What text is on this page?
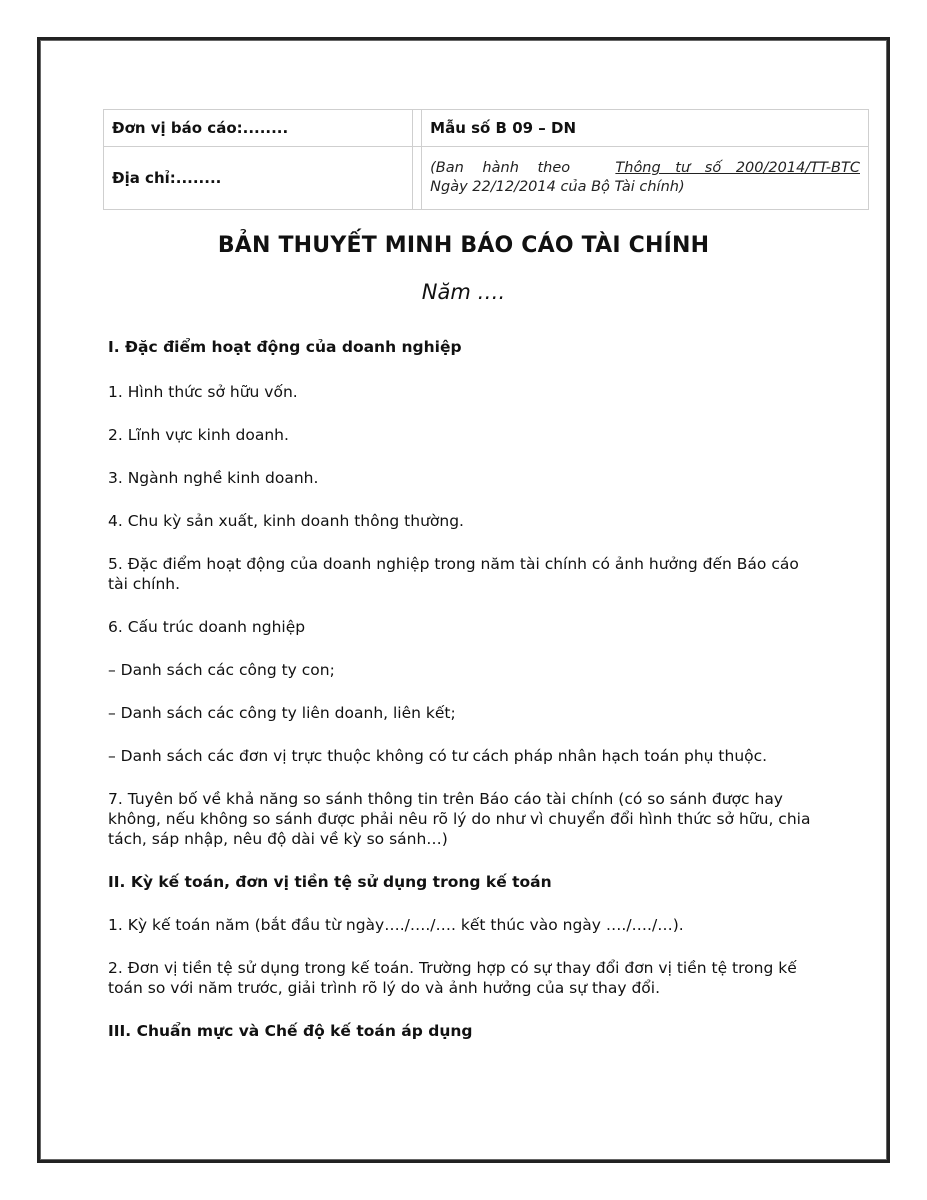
Đơn vị báo cáo:........		Mẫu số B 09 – DN
Địa chỉ:........		(Ban hành theo Thông tư số 200/2014/TT-BTC
Ngày 22/12/2014 của Bộ Tài chính)
BẢN THUYẾT MINH BÁO CÁO TÀI CHÍNH
Năm ….

I. Đặc điểm hoạt động của doanh nghiệp

1. Hình thức sở hữu vốn.

2. Lĩnh vực kinh doanh.

3. Ngành nghề kinh doanh.

4. Chu kỳ sản xuất, kinh doanh thông thường.

5. Đặc điểm hoạt động của doanh nghiệp trong năm tài chính có ảnh hưởng đến Báo cáo tài chính.

6. Cấu trúc doanh nghiệp

– Danh sách các công ty con;

– Danh sách các công ty liên doanh, liên kết;

– Danh sách các đơn vị trực thuộc không có tư cách pháp nhân hạch toán phụ thuộc.

7. Tuyên bố về khả năng so sánh thông tin trên Báo cáo tài chính (có so sánh được hay không, nếu không so sánh được phải nêu rõ lý do như vì chuyển đổi hình thức sở hữu, chia tách, sáp nhập, nêu độ dài về kỳ so sánh…)

II. Kỳ kế toán, đơn vị tiền tệ sử dụng trong kế toán

1. Kỳ kế toán năm (bắt đầu từ ngày…./…./…. kết thúc vào ngày …./…./…).

2. Đơn vị tiền tệ sử dụng trong kế toán. Trường hợp có sự thay đổi đơn vị tiền tệ trong kế toán so với năm trước, giải trình rõ lý do và ảnh hưởng của sự thay đổi.

III. Chuẩn mực và Chế độ kế toán áp dụng
